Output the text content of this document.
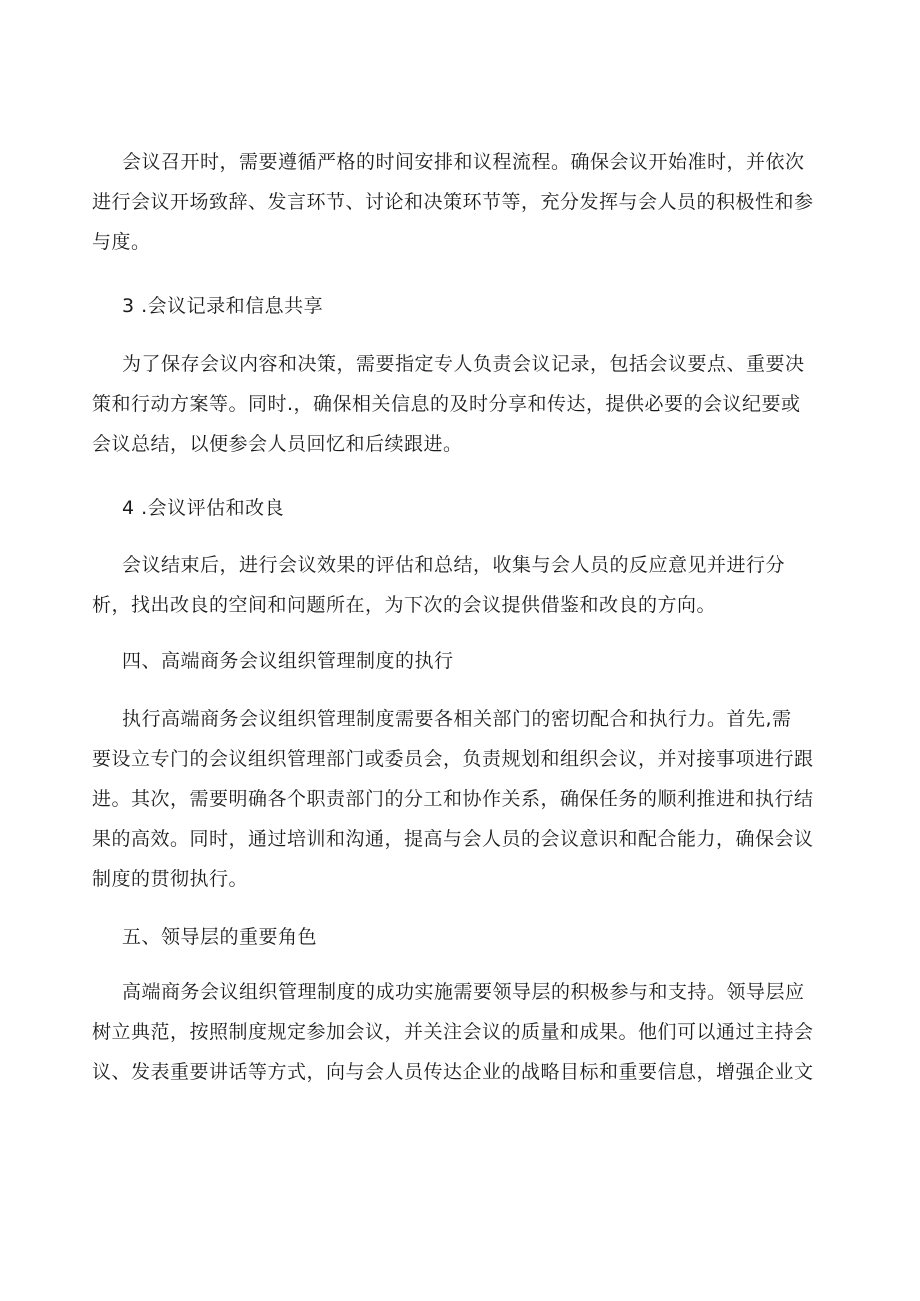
会议召开时，需要遵循严格的时间安排和议程流程。确保会议开始准时，并依次
进行会议开场致辞、发言环节、讨论和决策环节等，充分发挥与会人员的积极性和参
与度。
3 .会议记录和信息共享
为了保存会议内容和决策，需要指定专人负责会议记录，包括会议要点、重要决
策和行动方案等。同时.，确保相关信息的及时分享和传达，提供必要的会议纪要或
会议总结，以便参会人员回忆和后续跟进。
4 .会议评估和改良
会议结束后，进行会议效果的评估和总结，收集与会人员的反应意见并进行分
析，找出改良的空间和问题所在，为下次的会议提供借鉴和改良的方向。
四、高端商务会议组织管理制度的执行
执行高端商务会议组织管理制度需要各相关部门的密切配合和执行力。首先,需
要设立专门的会议组织管理部门或委员会，负责规划和组织会议，并对接事项进行跟
进。其次，需要明确各个职责部门的分工和协作关系，确保任务的顺利推进和执行结
果的高效。同时，通过培训和沟通，提高与会人员的会议意识和配合能力，确保会议
制度的贯彻执行。
五、领导层的重要角色
高端商务会议组织管理制度的成功实施需要领导层的积极参与和支持。领导层应
树立典范，按照制度规定参加会议，并关注会议的质量和成果。他们可以通过主持会
议、发表重要讲话等方式，向与会人员传达企业的战略目标和重要信息，增强企业文
